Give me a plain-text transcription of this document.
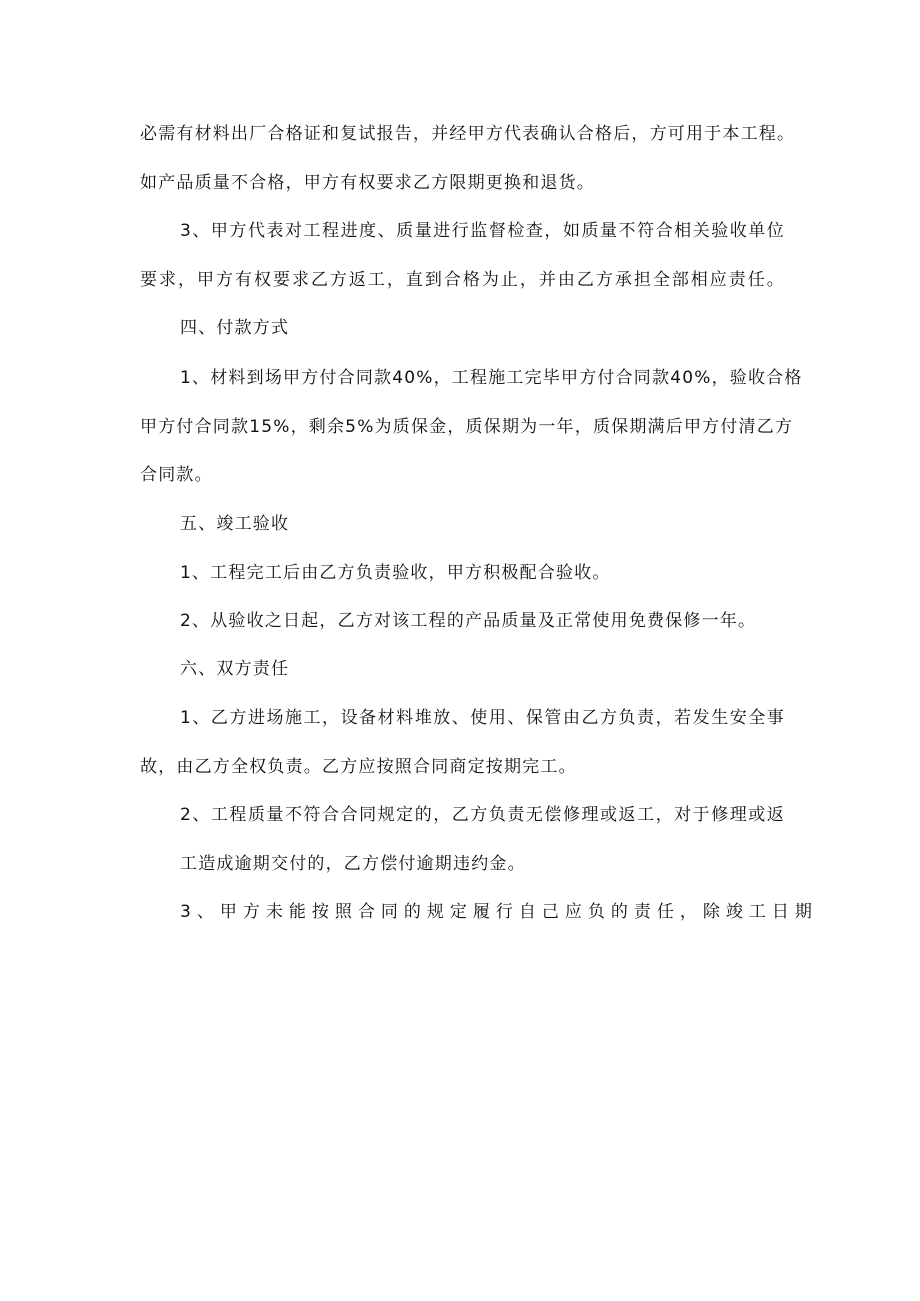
必需有材料出厂合格证和复试报告，并经甲方代表确认合格后，方可用于本工程。
如产品质量不合格，甲方有权要求乙方限期更换和退货。
3、甲方代表对工程进度、质量进行监督检查，如质量不符合相关验收单位
要求，甲方有权要求乙方返工，直到合格为止，并由乙方承担全部相应责任。
四、付款方式
1、材料到场甲方付合同款40%，工程施工完毕甲方付合同款40%，验收合格
甲方付合同款15%，剩余5%为质保金，质保期为一年，质保期满后甲方付清乙方
合同款。
五、竣工验收
1、工程完工后由乙方负责验收，甲方积极配合验收。
2、从验收之日起，乙方对该工程的产品质量及正常使用免费保修一年。
六、双方责任
1、乙方进场施工，设备材料堆放、使用、保管由乙方负责，若发生安全事
故，由乙方全权负责。乙方应按照合同商定按期完工。
2、工程质量不符合合同规定的，乙方负责无偿修理或返工，对于修理或返
工造成逾期交付的，乙方偿付逾期违约金。
3、甲方未能按照合同的规定履行自己应负的责任，除竣工日期
